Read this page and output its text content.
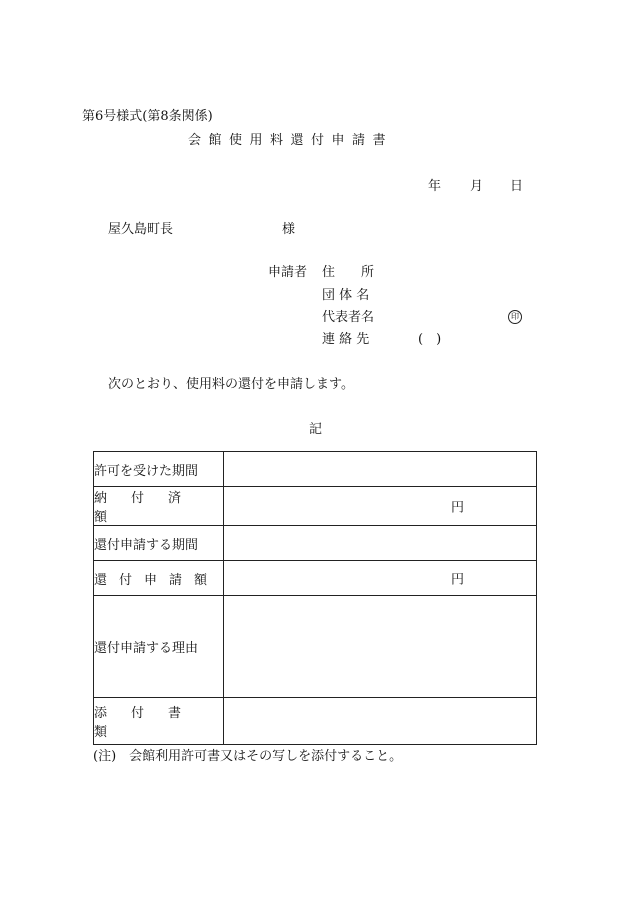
第6号様式(第8条関係)
会館使用料還付申請書
年 月 日
屋久島町長	様
申請者 住　　所
団 体 名
代表者名	印
連 絡 先	(　)
次のとおり、使用料の還付を申請します。
記
許可を受けた期間	
納付済額	円

還付申請する期間	
還付申請額	円

還付申請する理由	
添付書類	
(注)　会館利用許可書又はその写しを添付すること。
